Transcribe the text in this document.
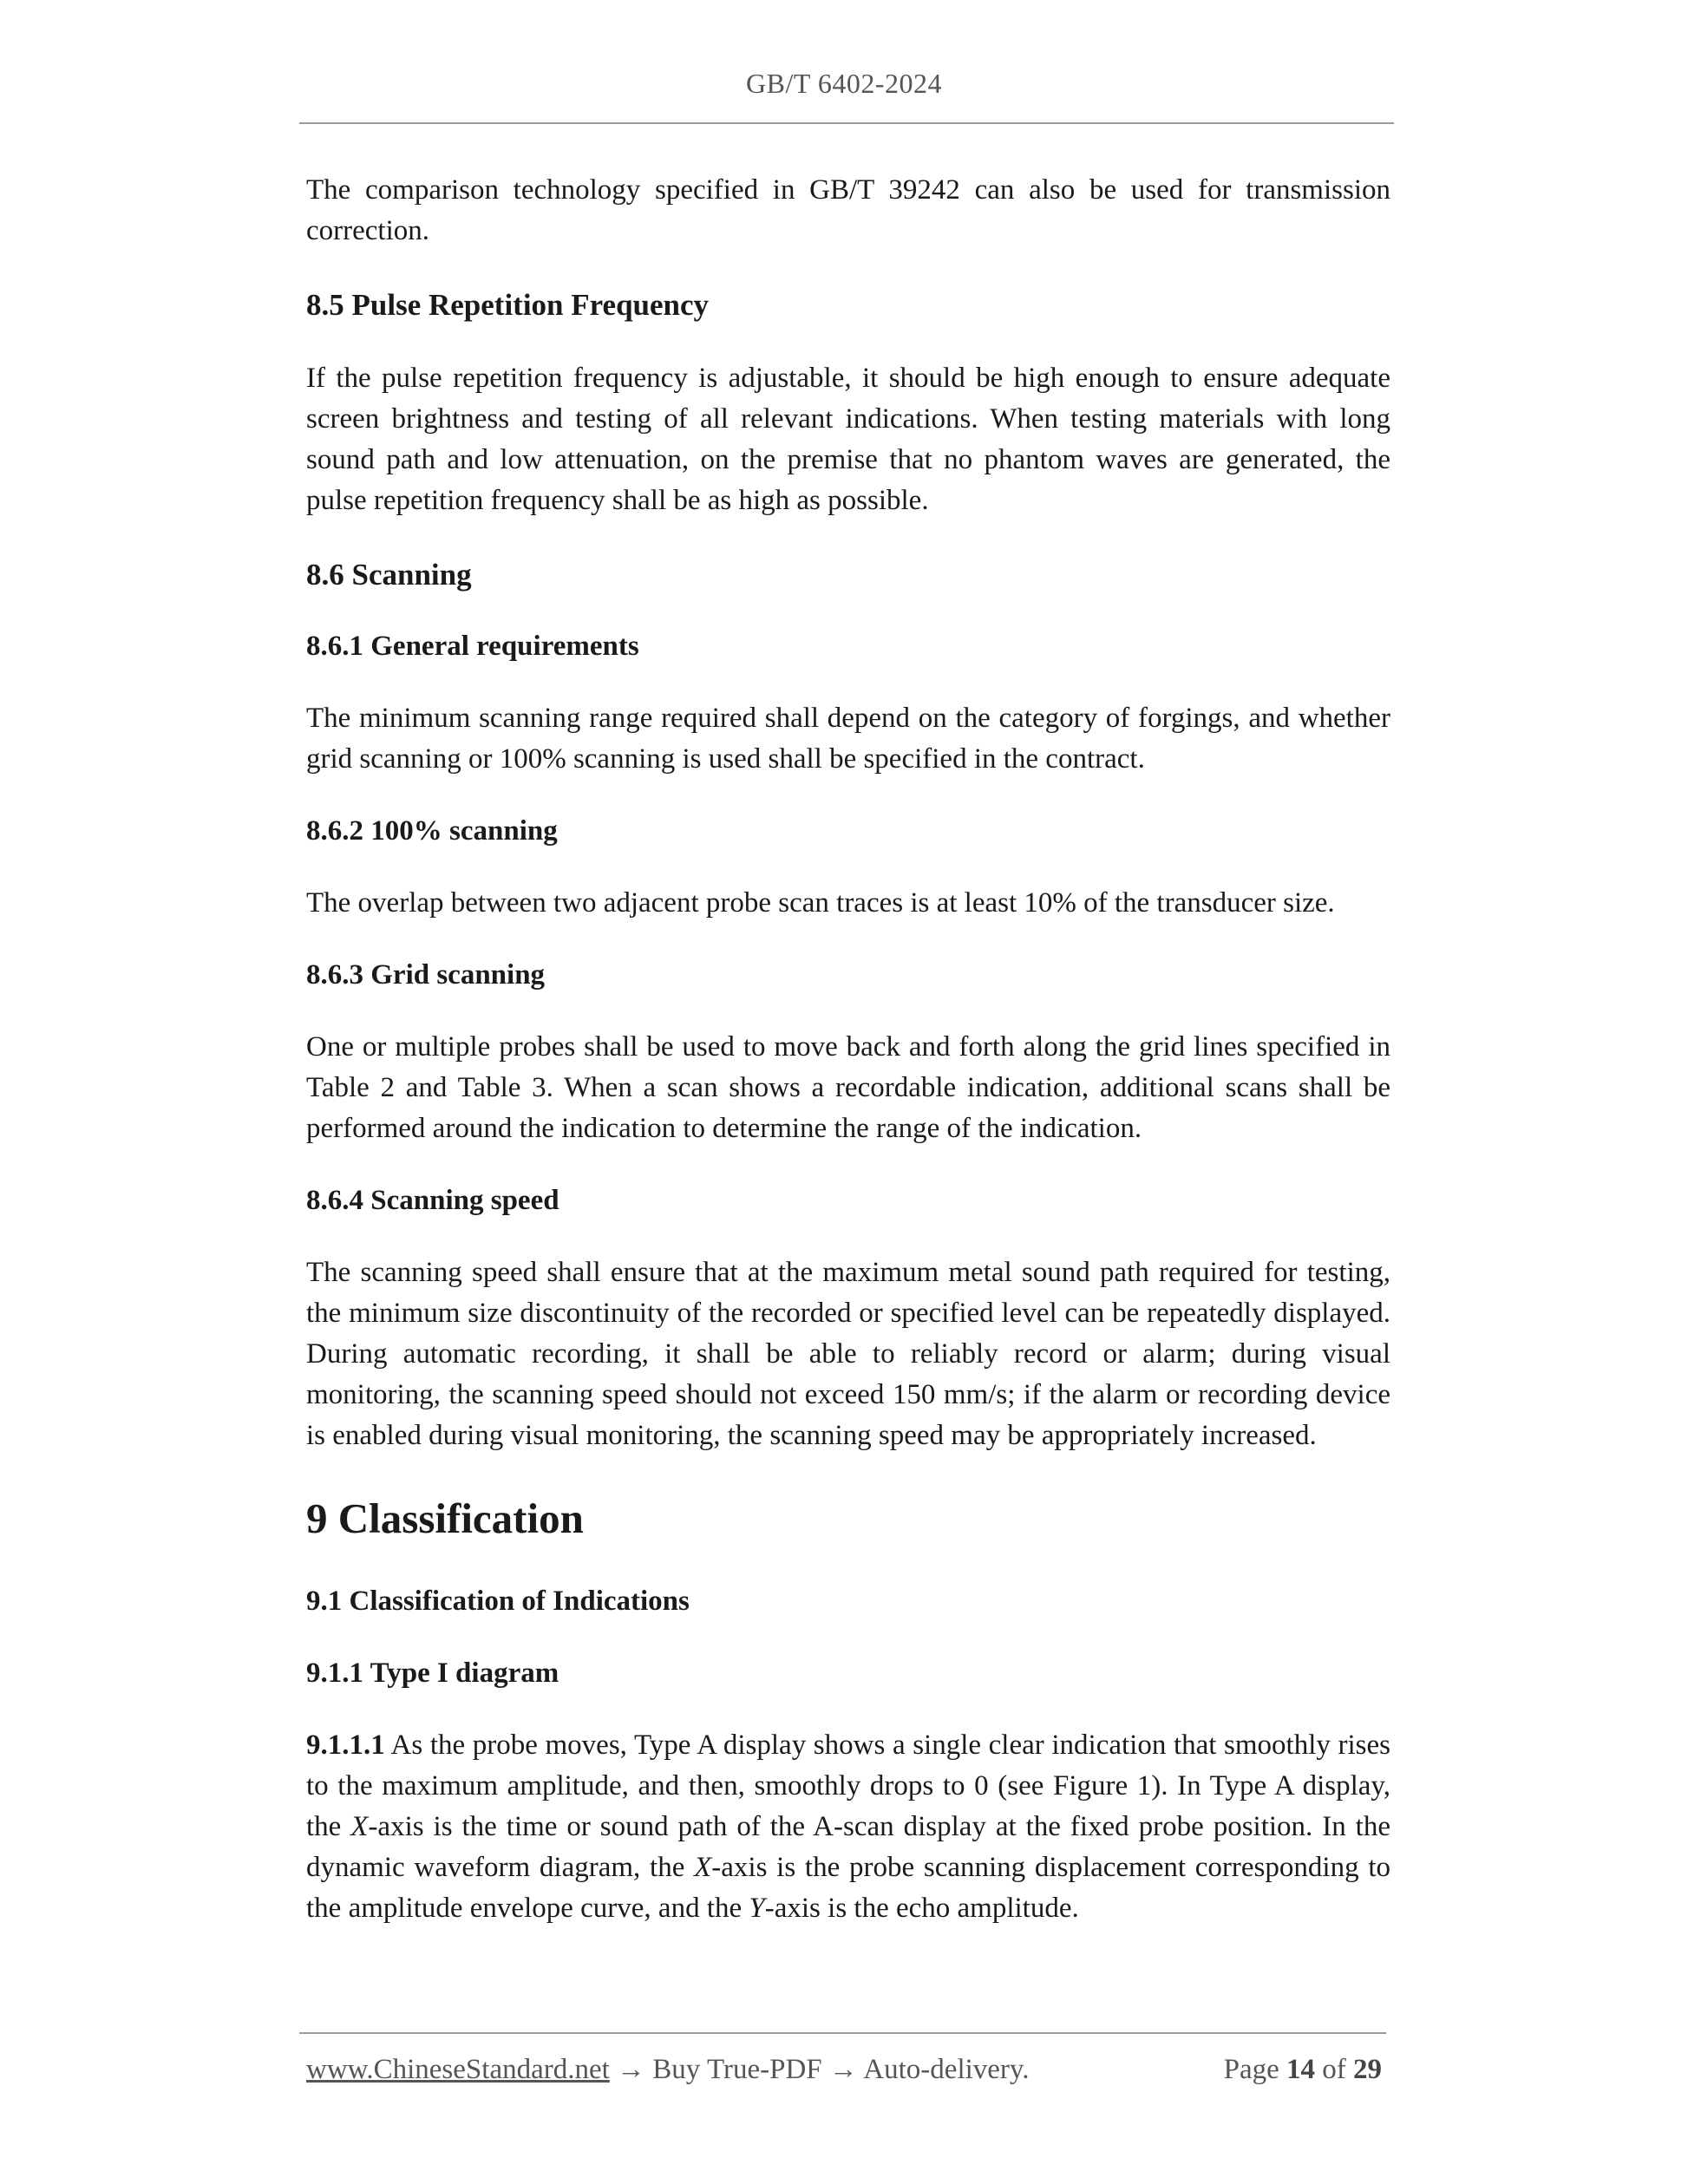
GB/T 6402-2024

The comparison technology specified in GB/T 39242 can also be used for transmission correction.

8.5 Pulse Repetition Frequency

If the pulse repetition frequency is adjustable, it should be high enough to ensure adequate screen brightness and testing of all relevant indications. When testing materials with long sound path and low attenuation, on the premise that no phantom waves are generated, the pulse repetition frequency shall be as high as possible.

8.6 Scanning
8.6.1 General requirements

The minimum scanning range required shall depend on the category of forgings, and whether grid scanning or 100% scanning is used shall be specified in the contract.

8.6.2 100% scanning

The overlap between two adjacent probe scan traces is at least 10% of the transducer size.

8.6.3 Grid scanning

One or multiple probes shall be used to move back and forth along the grid lines specified in Table 2 and Table 3. When a scan shows a recordable indication, additional scans shall be performed around the indication to determine the range of the indication.

8.6.4 Scanning speed

The scanning speed shall ensure that at the maximum metal sound path required for testing, the minimum size discontinuity of the recorded or specified level can be repeatedly displayed. During automatic recording, it shall be able to reliably record or alarm; during visual monitoring, the scanning speed should not exceed 150 mm/s; if the alarm or recording device is enabled during visual monitoring, the scanning speed may be appropriately increased.

9 Classification
9.1 Classification of Indications
9.1.1 Type I diagram

9.1.1.1 As the probe moves, Type A display shows a single clear indication that smoothly rises to the maximum amplitude, and then, smoothly drops to 0 (see Figure 1). In Type A display, the X-axis is the time or sound path of the A-scan display at the fixed probe position. In the dynamic waveform diagram, the X-axis is the probe scanning displacement corresponding to the amplitude envelope curve, and the Y-axis is the echo amplitude.

www.ChineseStandard.net → Buy True-PDF → Auto-delivery.	Page 14 of 29
